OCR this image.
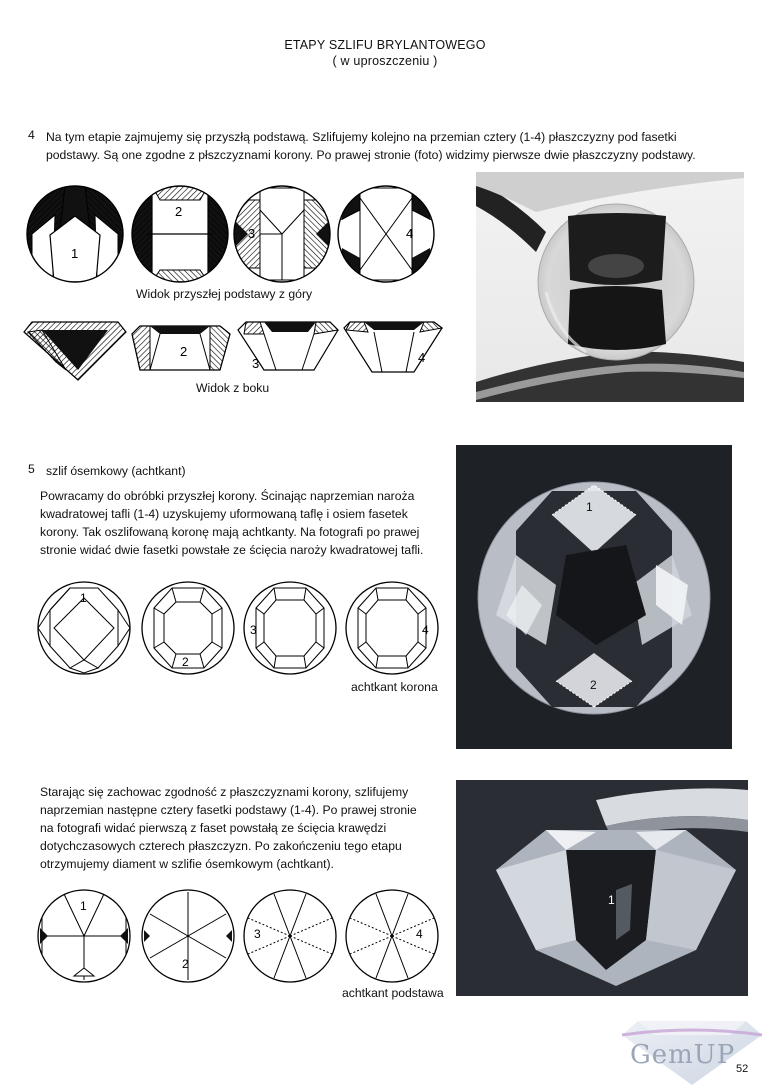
ETAPY SZLIFU BRYLANTOWEGO
( w uproszczeniu )
4 Na tym etapie zajmujemy się przyszłą podstawą. Szlifujemy kolejno na przemian cztery (1-4) płaszczyzny pod fasetki
podstawy. Są one zgodne z płszczyznami korony. Po prawej stronie (foto) widzimy pierwsze dwie płaszczyzny podstawy.
1
2
3	4
Widok przyszłej podstawy z góry
2
3	4
Widok z boku
5 szlif ósemkowy (achtkant)
Powracamy do obróbki przyszłej korony. Ścinając naprzemian naroża
kwadratowej tafli (1-4) uzyskujemy uformowaną taflę i osiem fasetek
korony. Tak oszlifowaną koronę mają achtkanty. Na fotografi po prawej
stronie widać dwie fasetki powstałe ze ścięcia naroży kwadratowej tafli.
1
2
3	4
achtkant korona
1
2
Starając się zachowac zgodność z płaszczyznami korony, szlifujemy
naprzemian następne cztery fasetki podstawy (1-4). Po prawej stronie
na fotografi widać pierwszą z faset powstałą ze ścięcia krawędzi
dotychczasowych czterech płaszczyzn. Po zakończeniu tego etapu
otrzymujemy diament w szlifie ósemkowym (achtkant).
1
2
3	4
achtkant podstawa
1
GemUP 52
